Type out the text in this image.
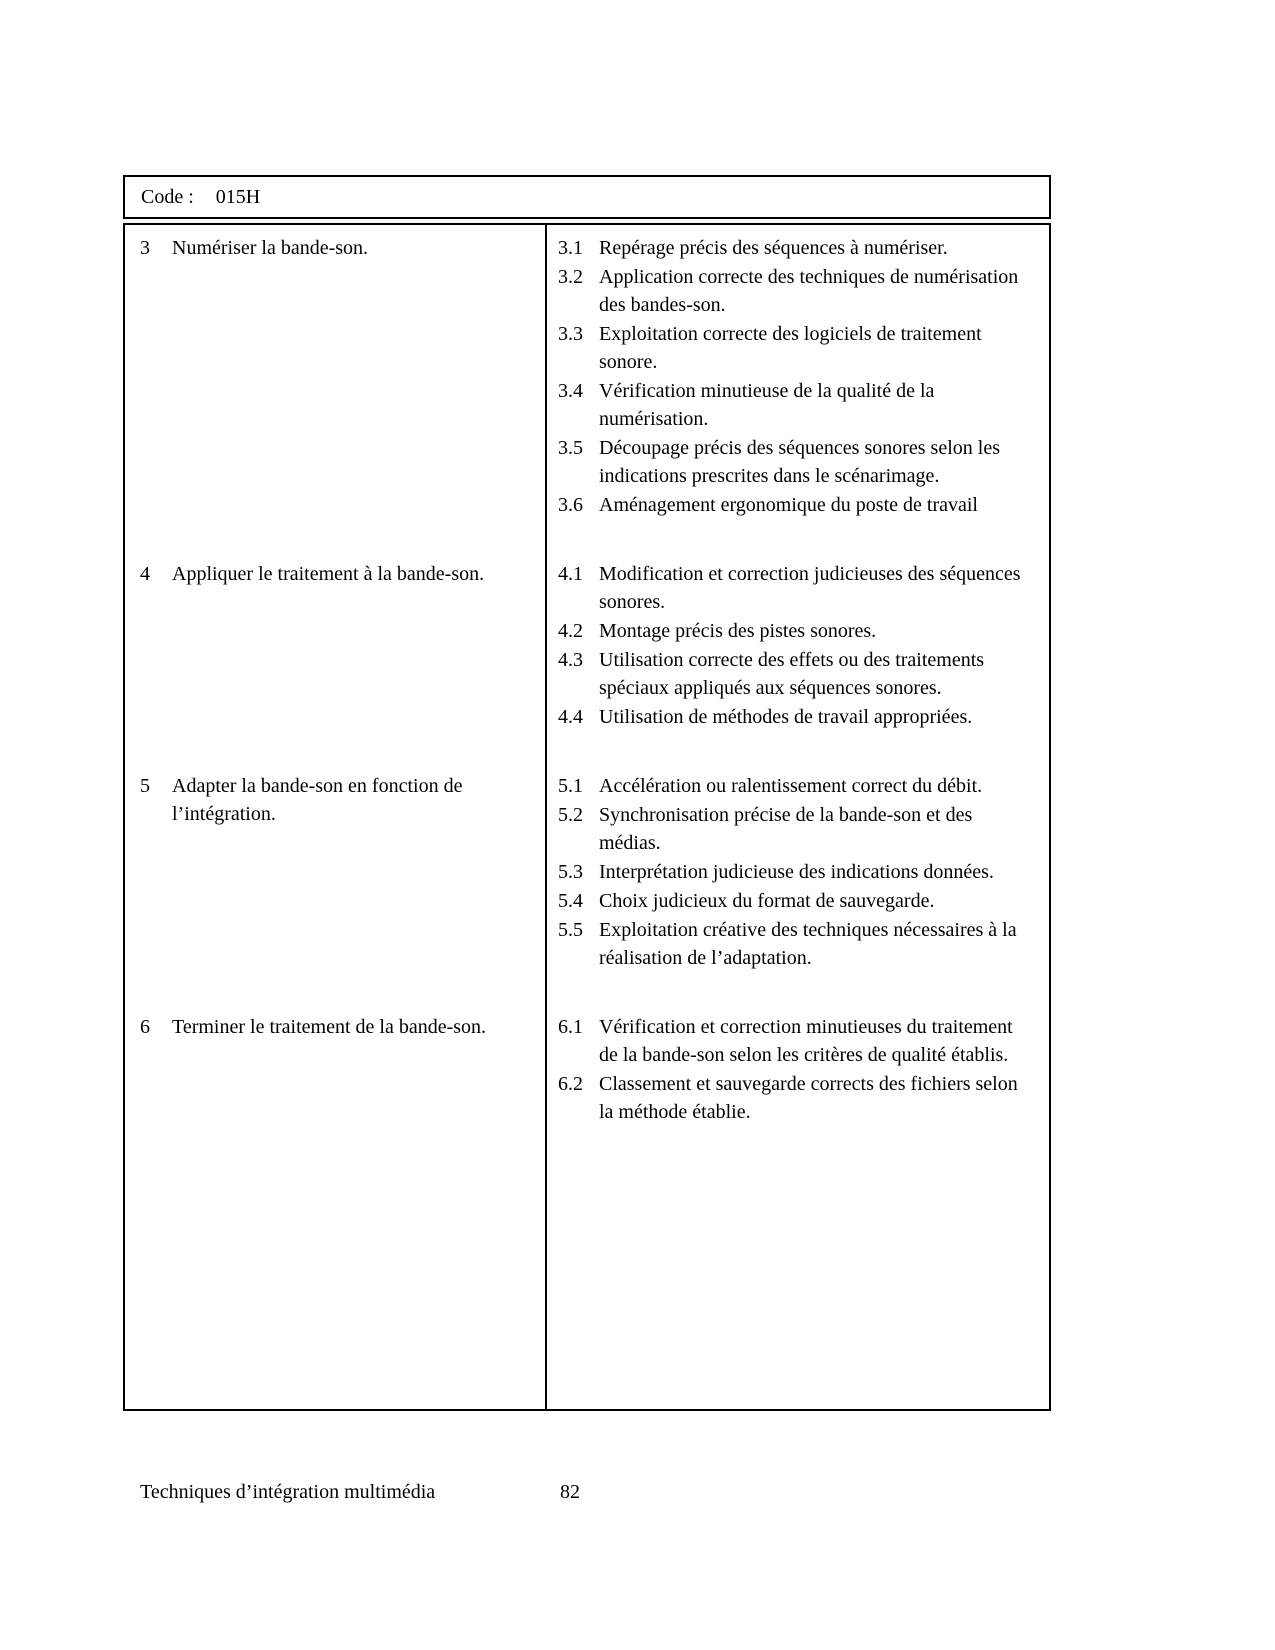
Code : 015H
3	Numériser la bande-son.	3.1 Repérage précis des séquences à numériser.
3.2 Application correcte des techniques de numérisation des bandes-son.
3.3 Exploitation correcte des logiciels de traitement sonore.
3.4 Vérification minutieuse de la qualité de la numérisation.
3.5 Découpage précis des séquences sonores selon les indications prescrites dans le scénarimage.
3.6 Aménagement ergonomique du poste de travail
4	Appliquer le traitement à la bande-son.	4.1 Modification et correction judicieuses des séquences sonores.
4.2 Montage précis des pistes sonores.
4.3 Utilisation correcte des effets ou des traitements spéciaux appliqués aux séquences sonores.
4.4 Utilisation de méthodes de travail appropriées.
5	Adapter la bande-son en fonction de l’intégration.
5.1 Accélération ou ralentissement correct du débit.
5.2 Synchronisation précise de la bande-son et des médias.
5.3 Interprétation judicieuse des indications données.
5.4 Choix judicieux du format de sauvegarde.
5.5 Exploitation créative des techniques nécessaires à la réalisation de l’adaptation.
6	Terminer le traitement de la bande-son.	6.1 Vérification et correction minutieuses du traitement de la bande-son selon les critères de qualité établis.
6.2 Classement et sauvegarde corrects des fichiers selon la méthode établie.
Techniques d’intégration multimédia	82
